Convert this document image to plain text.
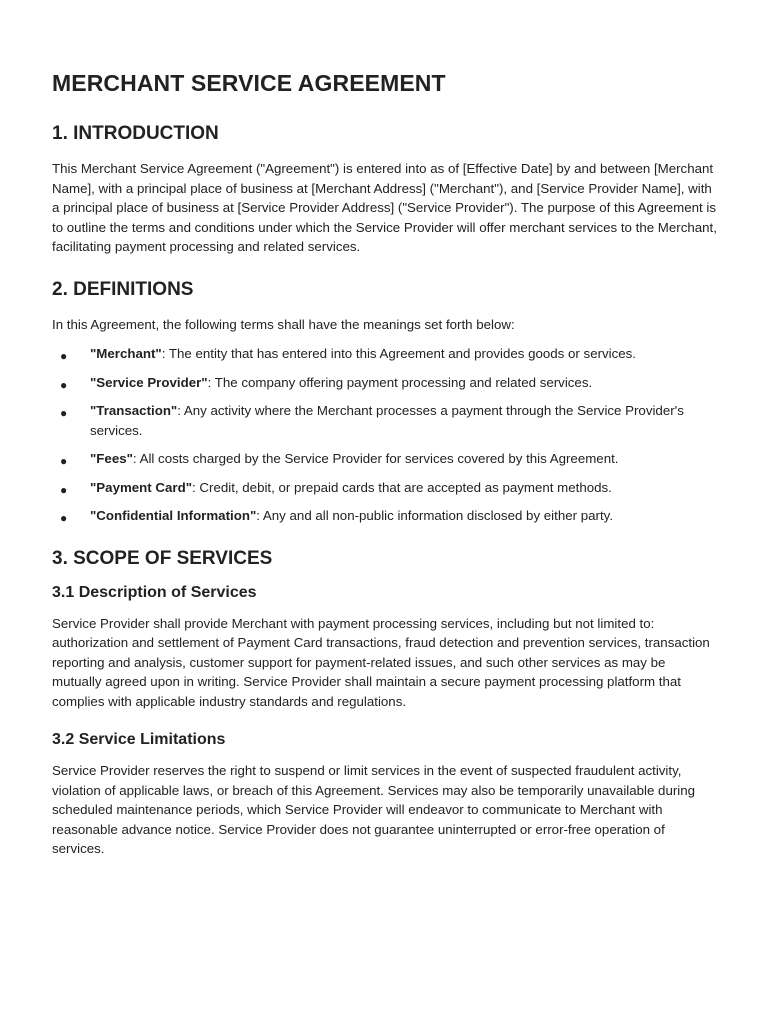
MERCHANT SERVICE AGREEMENT
1. INTRODUCTION

This Merchant Service Agreement ("Agreement") is entered into as of [Effective Date] by and between [Merchant Name], with a principal place of business at [Merchant Address] ("Merchant"), and [Service Provider Name], with a principal place of business at [Service Provider Address] ("Service Provider"). The purpose of this Agreement is to outline the terms and conditions under which the Service Provider will offer merchant services to the Merchant, facilitating payment processing and related services.

2. DEFINITIONS

In this Agreement, the following terms shall have the meanings set forth below:

● "Merchant": The entity that has entered into this Agreement and provides goods or services.
● "Service Provider": The company offering payment processing and related services.
● "Transaction": Any activity where the Merchant processes a payment through the Service Provider's services.
● "Fees": All costs charged by the Service Provider for services covered by this Agreement.
● "Payment Card": Credit, debit, or prepaid cards that are accepted as payment methods.
● "Confidential Information": Any and all non-public information disclosed by either party.
3. SCOPE OF SERVICES
3.1 Description of Services

Service Provider shall provide Merchant with payment processing services, including but not limited to: authorization and settlement of Payment Card transactions, fraud detection and prevention services, transaction reporting and analysis, customer support for payment-related issues, and such other services as may be mutually agreed upon in writing. Service Provider shall maintain a secure payment processing platform that complies with applicable industry standards and regulations.

3.2 Service Limitations

Service Provider reserves the right to suspend or limit services in the event of suspected fraudulent activity, violation of applicable laws, or breach of this Agreement. Services may also be temporarily unavailable during scheduled maintenance periods, which Service Provider will endeavor to communicate to Merchant with reasonable advance notice. Service Provider does not guarantee uninterrupted or error-free operation of services.
